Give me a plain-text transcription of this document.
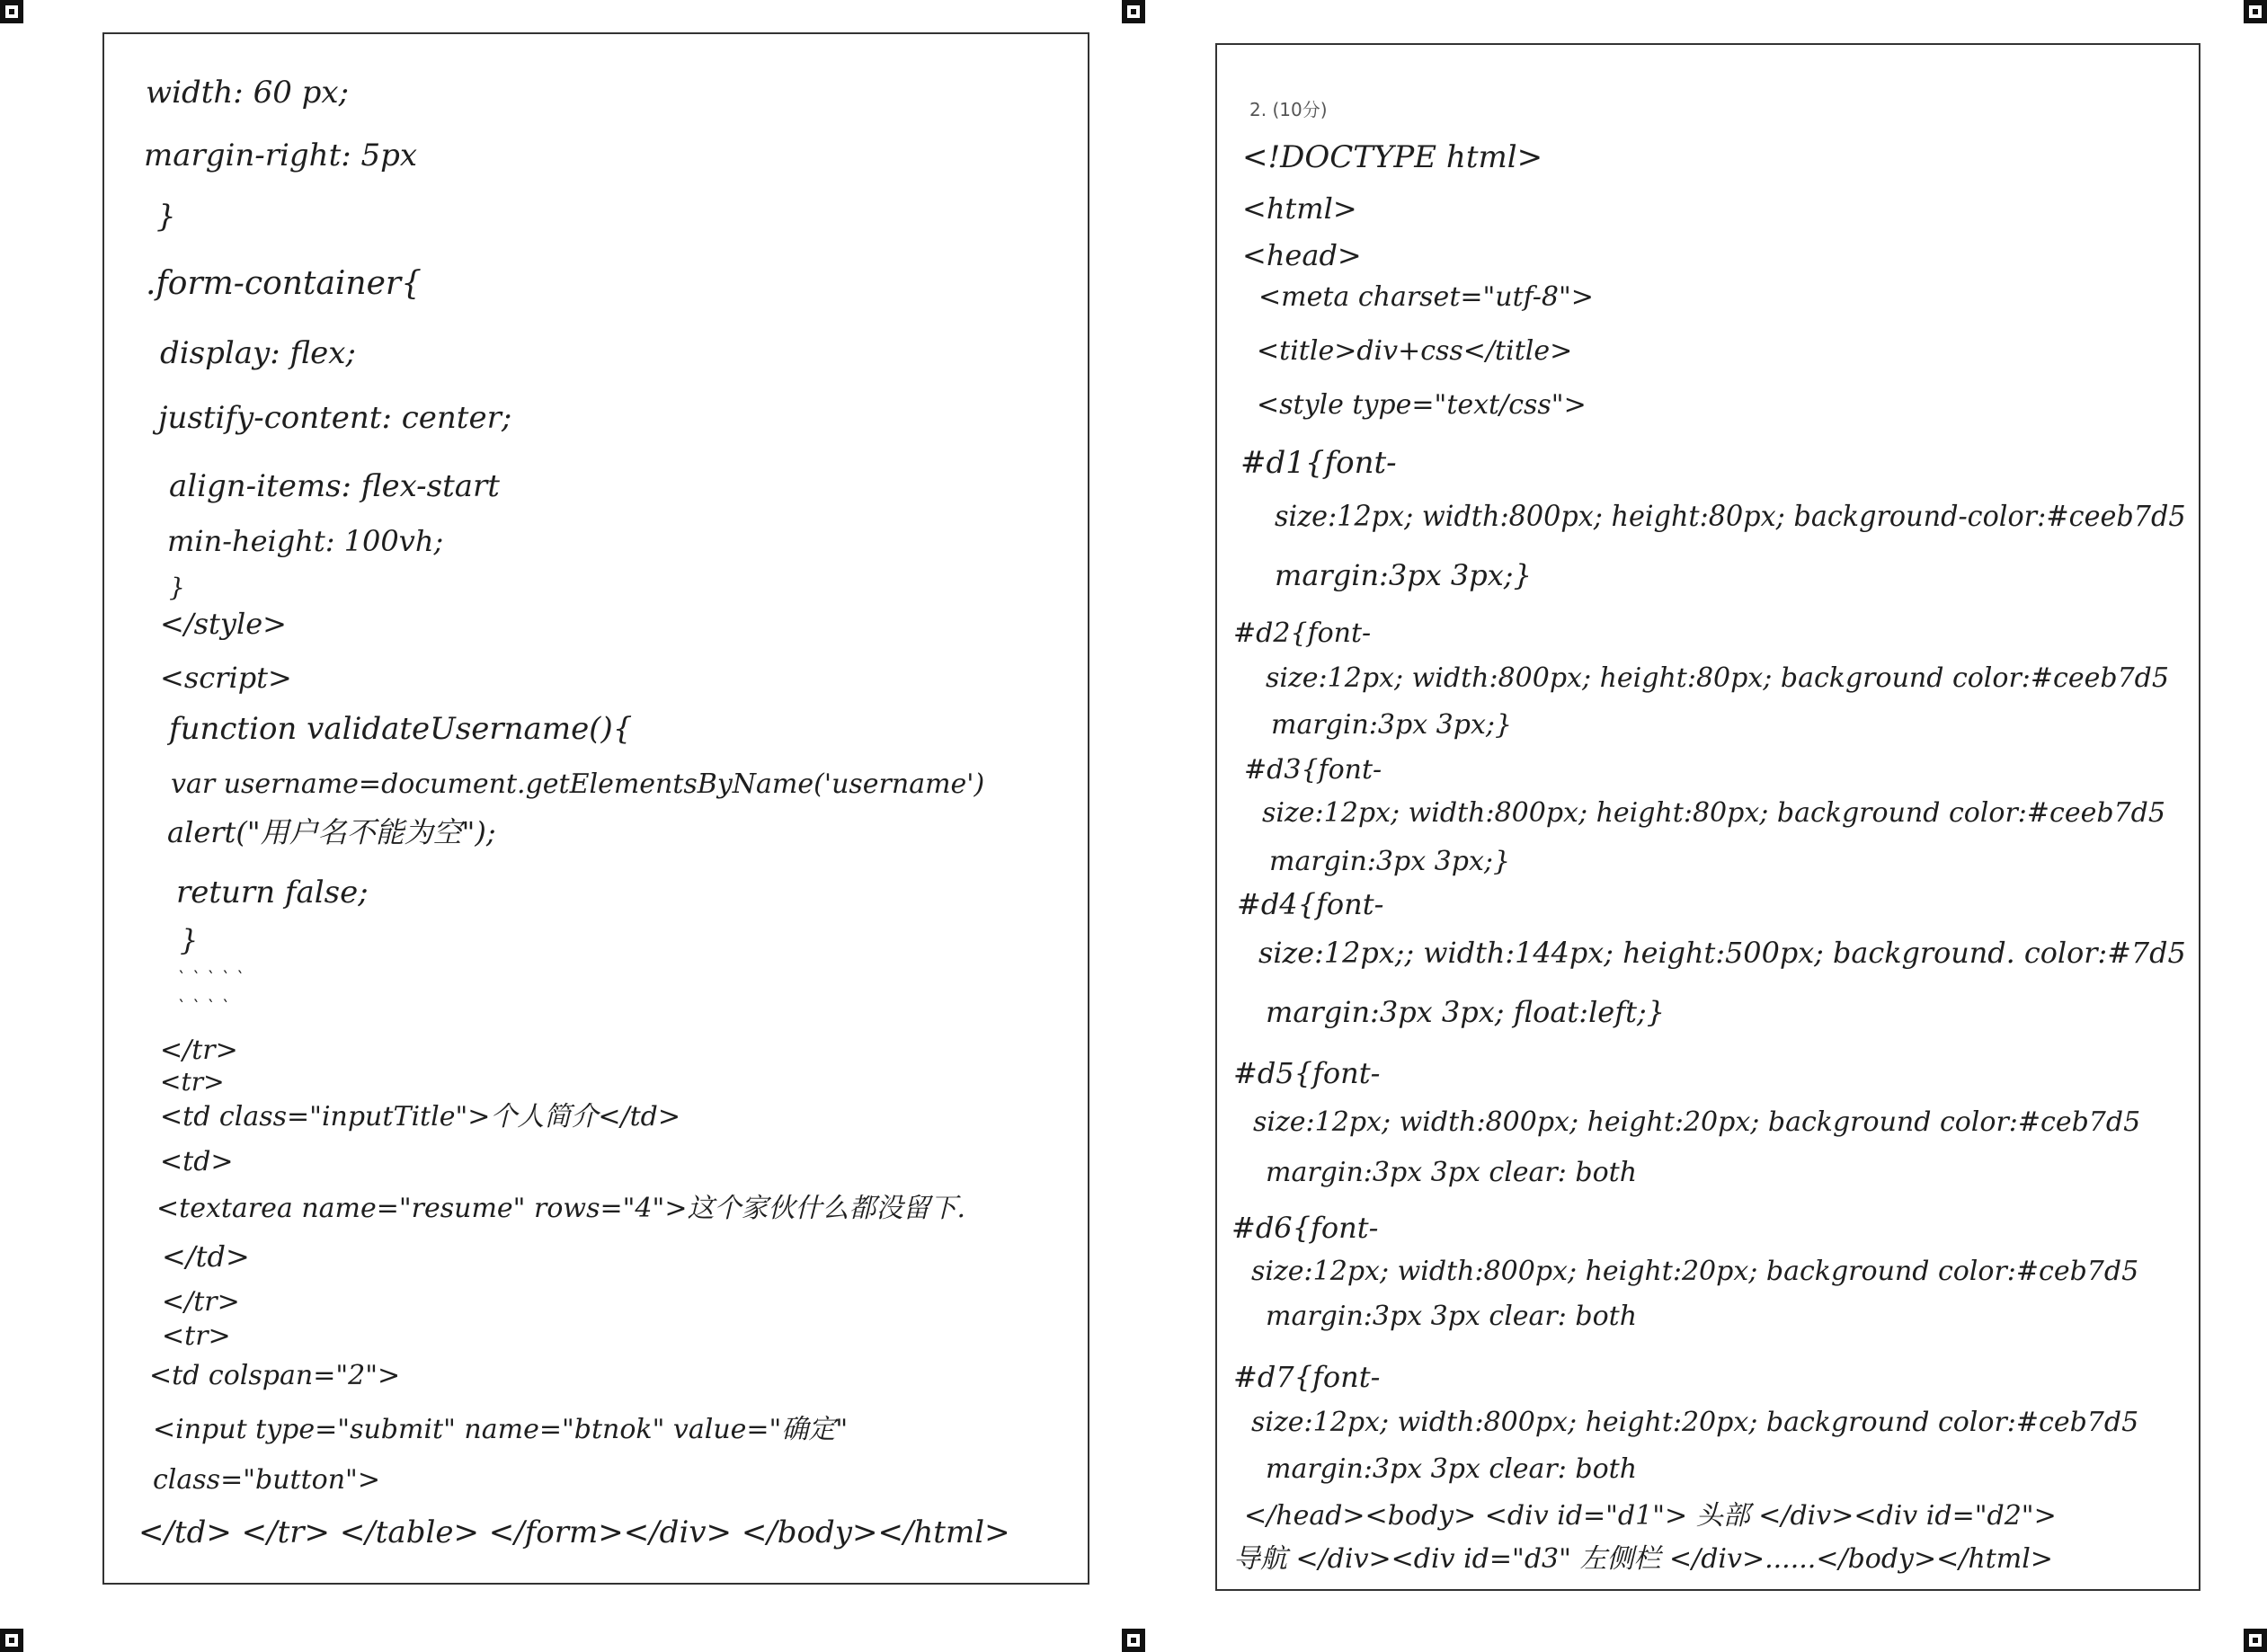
width: 60 px;
margin-right: 5px
}
.form-container{
display: flex;
justify-content: center;
align-items: flex-start
min-height: 100vh;
}
</style>
<script>
function validateUsername(){
var username=document.getElementsByName('username')
alert("用户名不能为空");
return false;
}
` ` ` ` `
` ` ` `
</tr>
<tr>
<td class="inputTitle">个人简介</td>
<td>
<textarea name="resume" rows="4">这个家伙什么都没留下.
</td>
</tr>
<tr>
<td colspan="2">
<input type="submit" name="btnok" value="确定"
class="button">
</td> </tr> </table> </form></div> </body></html>
2. (10分)
<!DOCTYPE html>
<html>
<head>
<meta charset="utf-8">
<title>div+css</title>
<style type="text/css">
#d1{font-
size:12px; width:800px; height:80px; background-color:#ceeb7d5
margin:3px 3px;}
#d2{font-
size:12px; width:800px; height:80px; background color:#ceeb7d5
margin:3px 3px;}
#d3{font-
size:12px; width:800px; height:80px; background color:#ceeb7d5
margin:3px 3px;}
#d4{font-
size:12px;; width:144px; height:500px; background. color:#7d5
margin:3px 3px; float:left;}
#d5{font-
size:12px; width:800px; height:20px; background color:#ceb7d5
margin:3px 3px clear: both
#d6{font-
size:12px; width:800px; height:20px; background color:#ceb7d5
margin:3px 3px clear: both
#d7{font-
size:12px; width:800px; height:20px; background color:#ceb7d5
margin:3px 3px clear: both
</head><body> <div id="d1"> 头部 </div><div id="d2">
导航 </div><div id="d3" 左侧栏 </div>......</body></html>
